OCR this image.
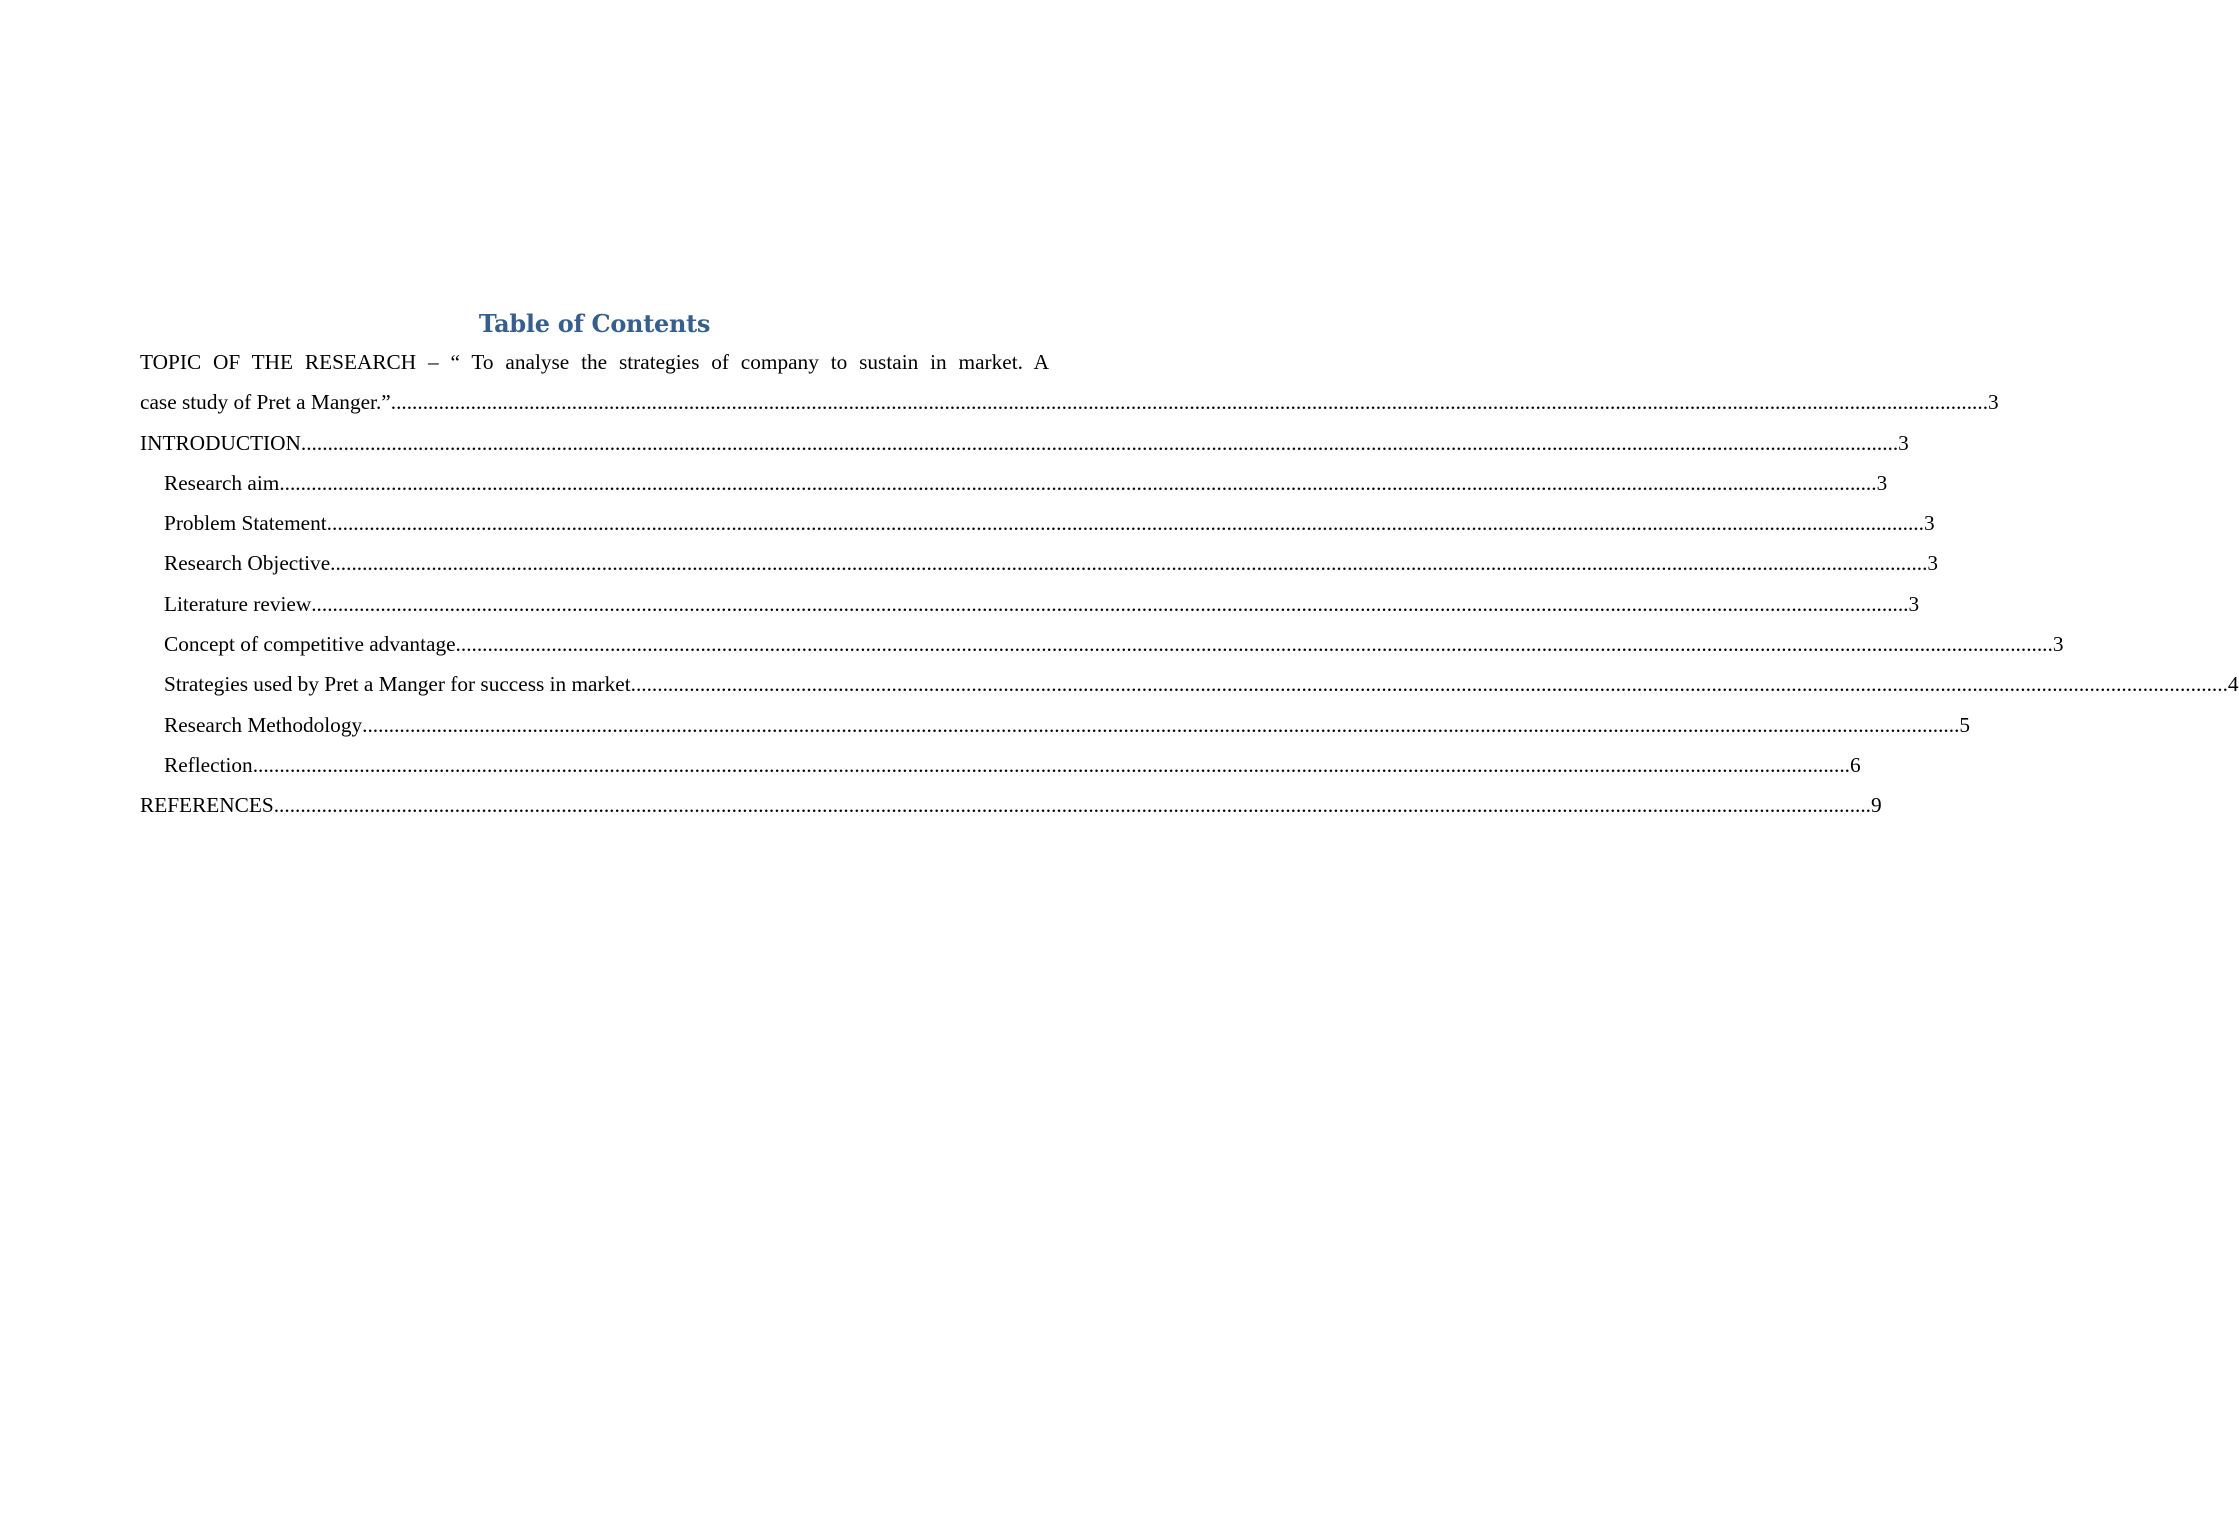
Table of Contents
TOPIC OF THE RESEARCH – “ To analyse the strategies of company to sustain in market. A
case study of Pret a Manger.” ............................................................................................................................................................................................................................................................................................................ 3
INTRODUCTION ............................................................................................................................................................................................................................................................................................................ 3
Research aim ............................................................................................................................................................................................................................................................................................................ 3
Problem Statement ............................................................................................................................................................................................................................................................................................................ 3
Research Objective ............................................................................................................................................................................................................................................................................................................ 3
Literature review ............................................................................................................................................................................................................................................................................................................ 3
Concept of competitive advantage ............................................................................................................................................................................................................................................................................................................ 3
Strategies used by Pret a Manger for success in market ............................................................................................................................................................................................................................................................................................................ 4
Research Methodology ............................................................................................................................................................................................................................................................................................................ 5
Reflection ............................................................................................................................................................................................................................................................................................................ 6
REFERENCES ............................................................................................................................................................................................................................................................................................................ 9
